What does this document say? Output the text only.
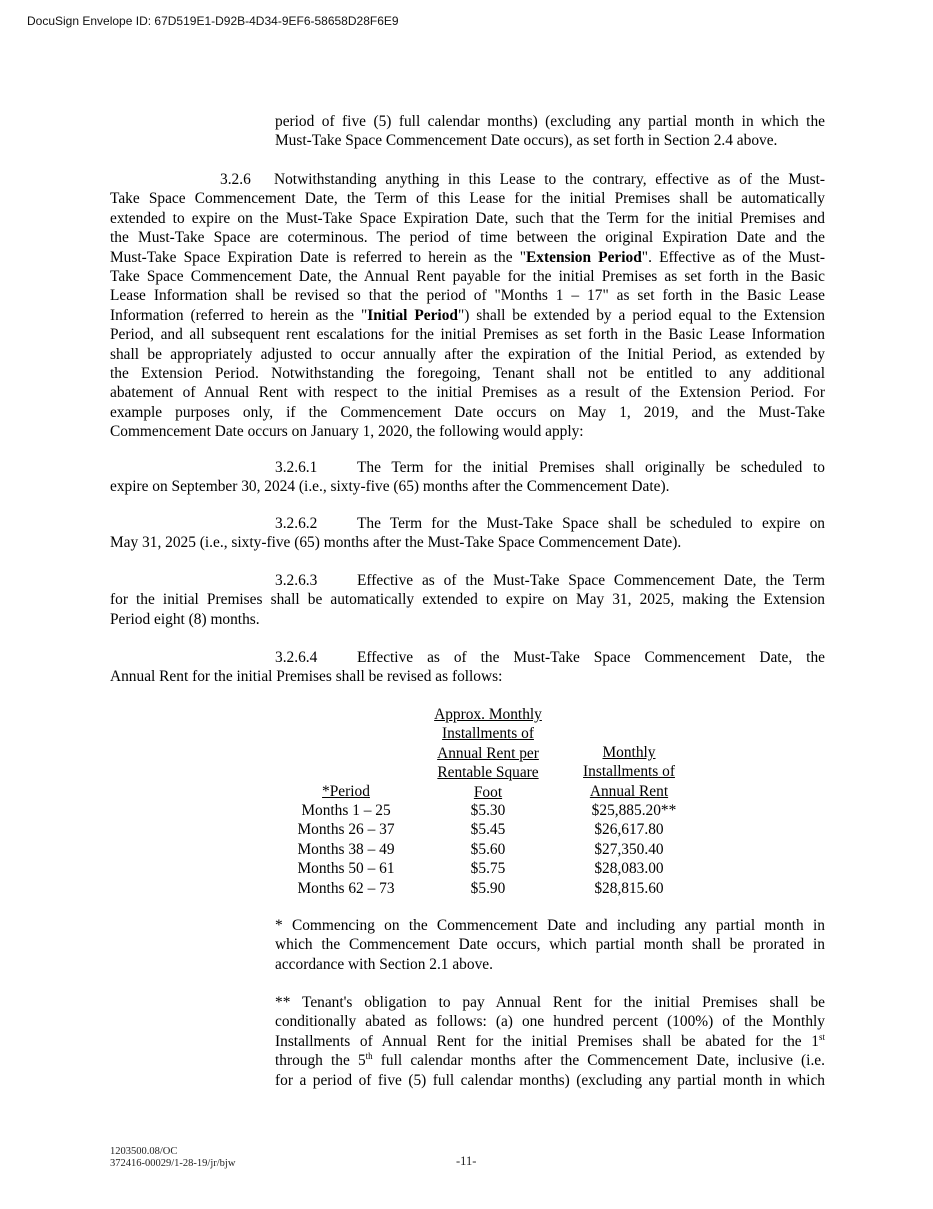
DocuSign Envelope ID: 67D519E1-D92B-4D34-9EF6-58658D28F6E9
period of five (5) full calendar months) (excluding any partial month in which the
Must-Take Space Commencement Date occurs), as set forth in Section 2.4 above.
3.2.6 Notwithstanding anything in this Lease to the contrary, effective as of the Must-
Take Space Commencement Date, the Term of this Lease for the initial Premises shall be automatically
extended to expire on the Must-Take Space Expiration Date, such that the Term for the initial Premises and
the Must-Take Space are coterminous. The period of time between the original Expiration Date and the
Must-Take Space Expiration Date is referred to herein as the "Extension Period". Effective as of the Must-
Take Space Commencement Date, the Annual Rent payable for the initial Premises as set forth in the Basic
Lease Information shall be revised so that the period of "Months 1 – 17" as set forth in the Basic Lease
Information (referred to herein as the "Initial Period") shall be extended by a period equal to the Extension
Period, and all subsequent rent escalations for the initial Premises as set forth in the Basic Lease Information
shall be appropriately adjusted to occur annually after the expiration of the Initial Period, as extended by
the Extension Period. Notwithstanding the foregoing, Tenant shall not be entitled to any additional
abatement of Annual Rent with respect to the initial Premises as a result of the Extension Period. For
example purposes only, if the Commencement Date occurs on May 1, 2019, and the Must-Take
Commencement Date occurs on January 1, 2020, the following would apply:
3.2.6.1	The Term for the initial Premises shall originally be scheduled to
expire on September 30, 2024 (i.e., sixty-five (65) months after the Commencement Date).
3.2.6.2	The Term for the Must-Take Space shall be scheduled to expire on
May 31, 2025 (i.e., sixty-five (65) months after the Must-Take Space Commencement Date).
3.2.6.3	Effective as of the Must-Take Space Commencement Date, the Term
for the initial Premises shall be automatically extended to expire on May 31, 2025, making the Extension
Period eight (8) months.
3.2.6.4	Effective as of the Must-Take Space Commencement Date, the
Annual Rent for the initial Premises shall be revised as follows:
*Period
Approx. Monthly
Installments of
Annual Rent per
Rentable Square
Foot
Monthly
Installments of
Annual Rent
Months 1 – 25	$5.30	$25,885.20**
Months 26 – 37	$5.45	$26,617.80
Months 38 – 49	$5.60	$27,350.40
Months 50 – 61	$5.75	$28,083.00
Months 62 – 73	$5.90	$28,815.60
* Commencing on the Commencement Date and including any partial month in
which the Commencement Date occurs, which partial month shall be prorated in
accordance with Section 2.1 above.
** Tenant's obligation to pay Annual Rent for the initial Premises shall be
conditionally abated as follows: (a) one hundred percent (100%) of the Monthly
Installments of Annual Rent for the initial Premises shall be abated for the 1st
through the 5th full calendar months after the Commencement Date, inclusive (i.e.
for a period of five (5) full calendar months) (excluding any partial month in which
1203500.08/OC
372416-00029/1-28-19/jr/bjw	-11-
